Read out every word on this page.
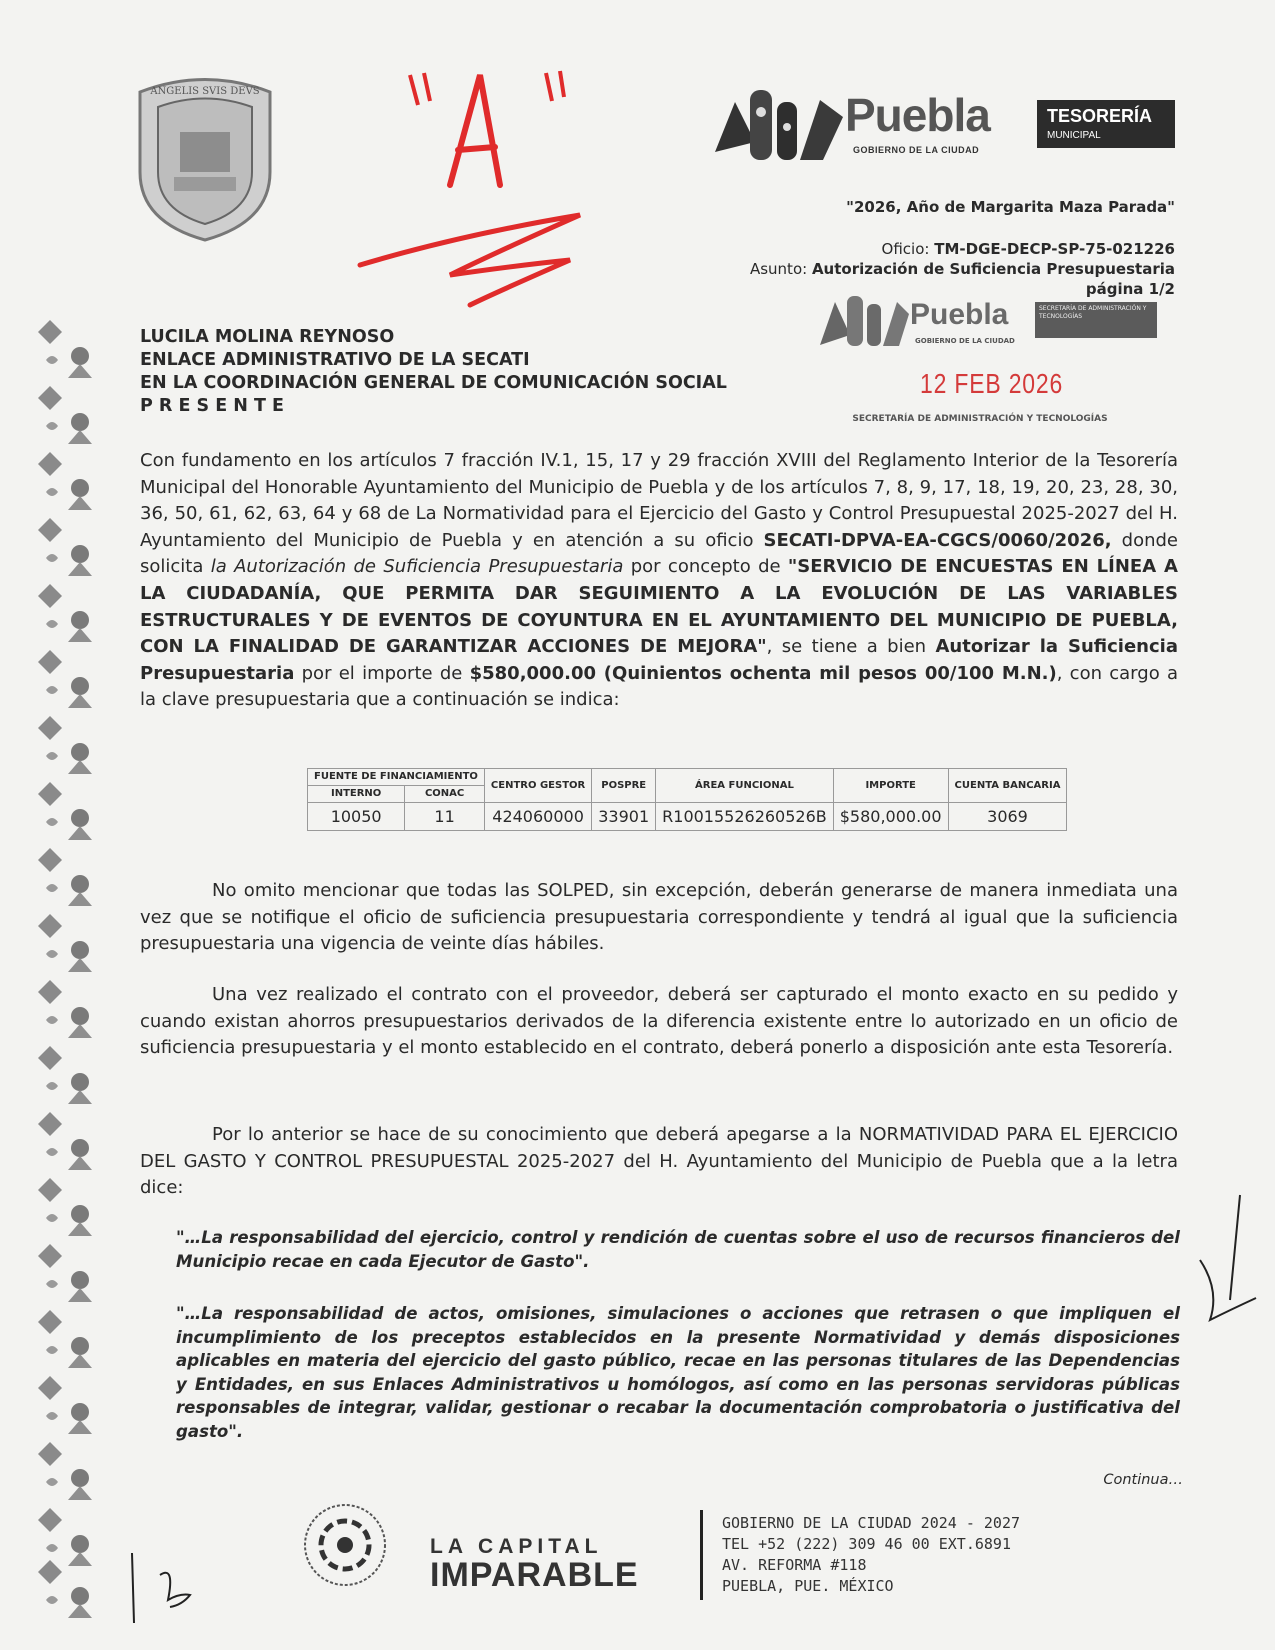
ANGELIS SVIS DEVS	Puebla
GOBIERNO DE LA CIUDAD
TESORERÍA
MUNICIPAL
"2026, Año de Margarita Maza Parada"
Oficio: TM-DGE-DECP-SP-75-021226
Asunto: Autorización de Suficiencia Presupuestaria
página 1/2
Puebla
GOBIERNO DE LA CIUDAD
SECRETARÍA DE ADMINISTRACIÓN Y TECNOLOGÍAS
12 FEB 2026
SECRETARÍA DE ADMINISTRACIÓN Y TECNOLOGÍAS
LUCILA MOLINA REYNOSO
ENLACE ADMINISTRATIVO DE LA SECATI
EN LA COORDINACIÓN GENERAL DE COMUNICACIÓN SOCIAL
P R E S E N T E
Con fundamento en los artículos 7 fracción IV.1, 15, 17 y 29 fracción XVIII del Reglamento Interior de la Tesorería Municipal del Honorable Ayuntamiento del Municipio de Puebla y de los artículos 7, 8, 9, 17, 18, 19, 20, 23, 28, 30, 36, 50, 61, 62, 63, 64 y 68 de La Normatividad para el Ejercicio del Gasto y Control Presupuestal 2025-2027 del H. Ayuntamiento del Municipio de Puebla y en atención a su oficio SECATI-DPVA-EA-CGCS/0060/2026, donde solicita la Autorización de Suficiencia Presupuestaria por concepto de "SERVICIO DE ENCUESTAS EN LÍNEA A LA CIUDADANÍA, QUE PERMITA DAR SEGUIMIENTO A LA EVOLUCIÓN DE LAS VARIABLES ESTRUCTURALES Y DE EVENTOS DE COYUNTURA EN EL AYUNTAMIENTO DEL MUNICIPIO DE PUEBLA, CON LA FINALIDAD DE GARANTIZAR ACCIONES DE MEJORA", se tiene a bien Autorizar la Suficiencia Presupuestaria por el importe de $580,000.00 (Quinientos ochenta mil pesos 00/100 M.N.), con cargo a la clave presupuestaria que a continuación se indica:
FUENTE DE FINANCIAMIENTO		CENTRO GESTOR	POSPRE	ÁREA FUNCIONAL	IMPORTE	CUENTA BANCARIA
INTERNO	CONAC					
10050	11	424060000	33901	R10015526260526B	$580,000.00	3069
No omito mencionar que todas las SOLPED, sin excepción, deberán generarse de manera inmediata una vez que se notifique el oficio de suficiencia presupuestaria correspondiente y tendrá al igual que la suficiencia presupuestaria una vigencia de veinte días hábiles.
Una vez realizado el contrato con el proveedor, deberá ser capturado el monto exacto en su pedido y cuando existan ahorros presupuestarios derivados de la diferencia existente entre lo autorizado en un oficio de suficiencia presupuestaria y el monto establecido en el contrato, deberá ponerlo a disposición ante esta Tesorería.
Por lo anterior se hace de su conocimiento que deberá apegarse a la NORMATIVIDAD PARA EL EJERCICIO DEL GASTO Y CONTROL PRESUPUESTAL 2025-2027 del H. Ayuntamiento del Municipio de Puebla que a la letra dice:
"…La responsabilidad del ejercicio, control y rendición de cuentas sobre el uso de recursos financieros del Municipio recae en cada Ejecutor de Gasto".
"…La responsabilidad de actos, omisiones, simulaciones o acciones que retrasen o que impliquen el incumplimiento de los preceptos establecidos en la presente Normatividad y demás disposiciones aplicables en materia del ejercicio del gasto público, recae en las personas titulares de las Dependencias y Entidades, en sus Enlaces Administrativos u homólogos, así como en las personas servidoras públicas responsables de integrar, validar, gestionar o recabar la documentación comprobatoria o justificativa del gasto".
Continua…
LA CAPITAL
IMPARABLE
GOBIERNO DE LA CIUDAD 2024 - 2027
TEL +52 (222) 309 46 00 EXT.6891
AV. REFORMA #118
PUEBLA, PUE. MÉXICO
